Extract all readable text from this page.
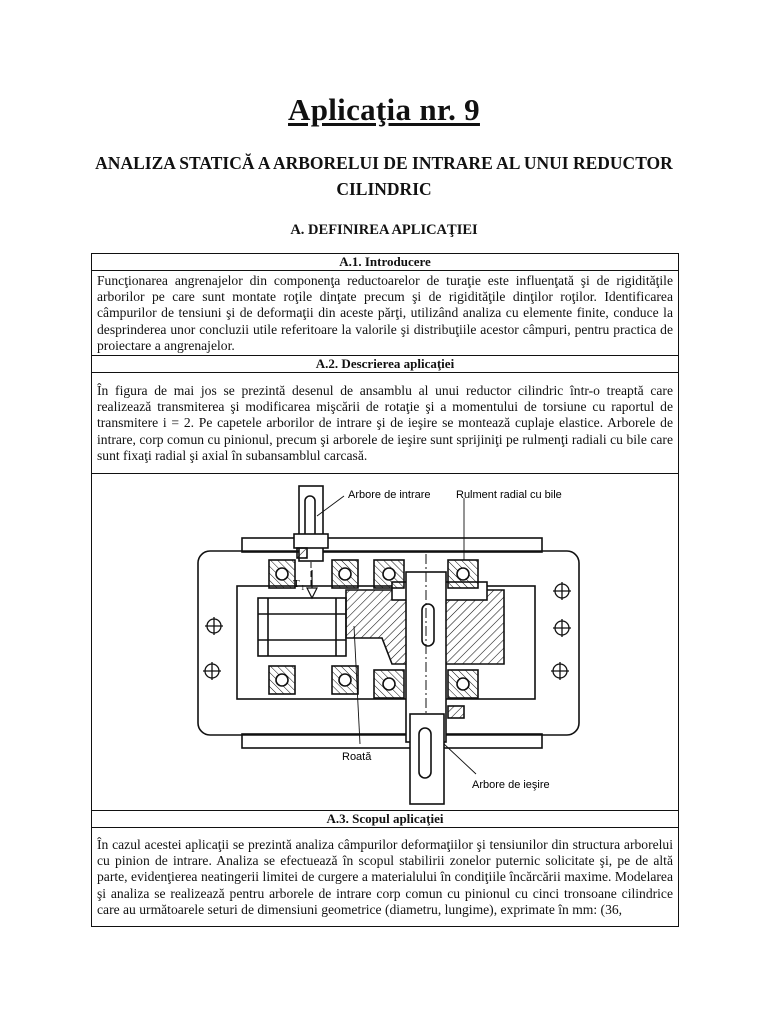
Aplicaţia nr. 9
ANALIZA STATICĂ A ARBORELUI DE INTRARE AL UNUI REDUCTOR CILINDRIC
A. DEFINIREA APLICAŢIEI
A.1. Introducere
Funcţionarea angrenajelor din componenţa reductoarelor de turaţie este influenţată şi de rigidităţile arborilor pe care sunt montate roţile dinţate precum şi de rigidităţile dinţilor roţilor. Identificarea câmpurilor de tensiuni şi de deformaţii din aceste părţi, utilizând analiza cu elemente finite, conduce la desprinderea unor concluzii utile referitoare la valorile şi distribuţiile acestor câmpuri, pentru practica de proiectare a angrenajelor.
A.2. Descrierea aplicaţiei
În figura de mai jos se prezintă desenul de ansamblu al unui reductor cilindric într-o treaptă care realizează transmiterea şi modificarea mişcării de rotaţie şi a momentului de torsiune cu raportul de transmitere i = 2. Pe capetele arborilor de intrare şi de ieşire se montează cuplaje elastice. Arborele de intrare, corp comun cu pinionul, precum şi arborele de ieşire sunt sprijiniţi pe rulmenţi radiali cu bile care sunt fixaţi radial şi axial în subansamblul carcasă.

Arbore de intrare Rulment radial cu bile
T 1
Roată
Arbore de ieşire

A.3. Scopul aplicaţiei
În cazul acestei aplicaţii se prezintă analiza câmpurilor deformaţiilor şi tensiunilor din structura arborelui cu pinion de intrare. Analiza se efectuează în scopul stabilirii zonelor puternic solicitate şi, pe de altă parte, evidenţierea neatingerii limitei de curgere a materialului în condiţiile încărcării maxime. Modelarea şi analiza se realizează pentru arborele de intrare corp comun cu pinionul cu cinci tronsoane cilindrice care au următoarele seturi de dimensiuni geometrice (diametru, lungime), exprimate în mm: (36,
